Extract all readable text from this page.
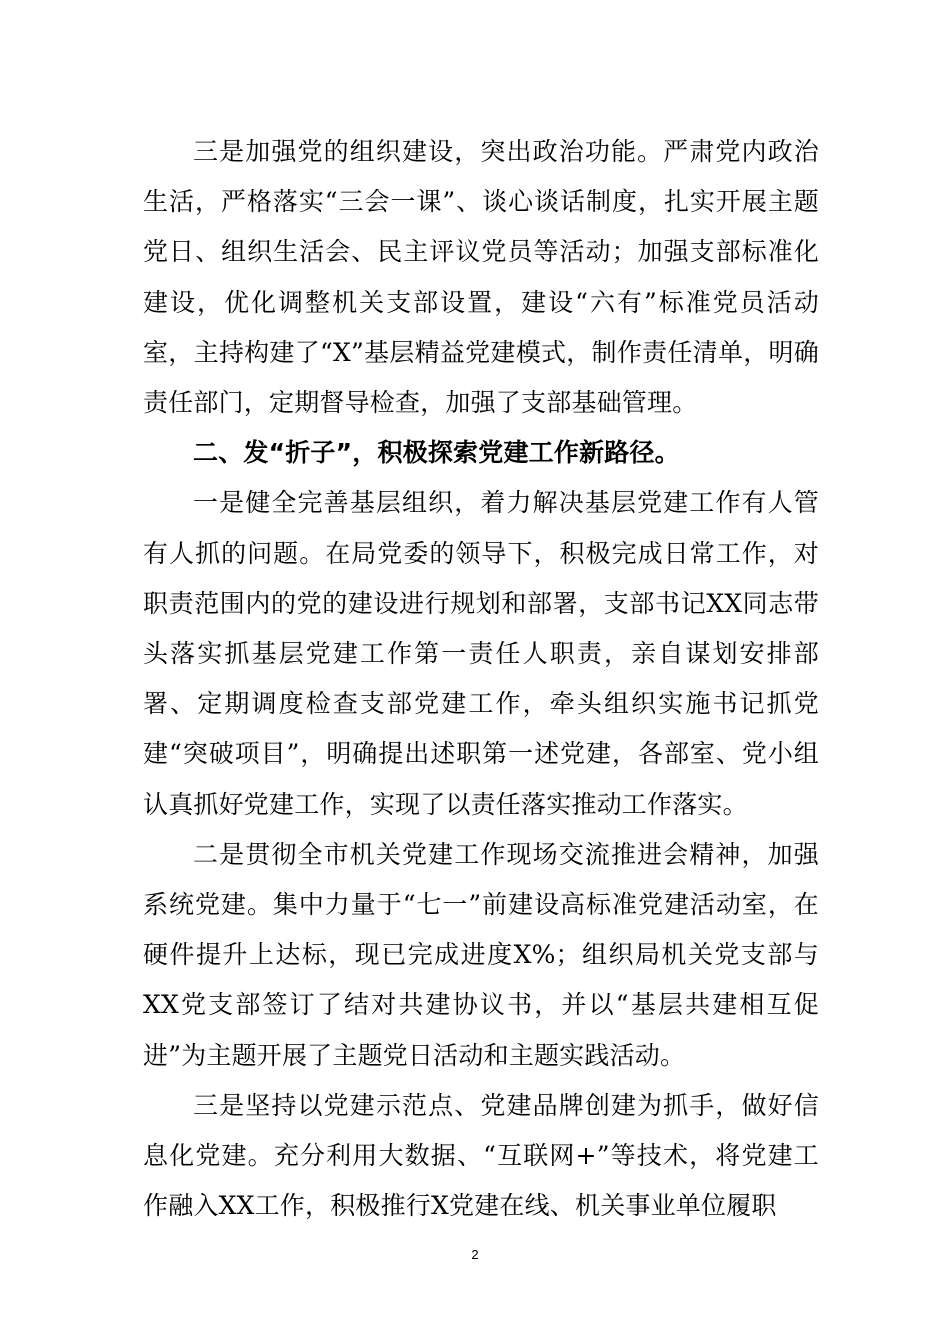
三是加强党的组织建设，突出政治功能。严肃党内政治生活，严格落实“三会一课”、谈心谈话制度，扎实开展主题党日、组织生活会、民主评议党员等活动；加强支部标准化建设，优化调整机关支部设置，建设“六有”标准党员活动室，主持构建了“X”基层精益党建模式，制作责任清单，明确责任部门，定期督导检查，加强了支部基础管理。

二、发“折子”，积极探索党建工作新路径。

一是健全完善基层组织，着力解决基层党建工作有人管有人抓的问题。在局党委的领导下，积极完成日常工作，对职责范围内的党的建设进行规划和部署，支部书记XX同志带头落实抓基层党建工作第一责任人职责，亲自谋划安排部署、定期调度检查支部党建工作，牵头组织实施书记抓党建“突破项目”，明确提出述职第一述党建，各部室、党小组认真抓好党建工作，实现了以责任落实推动工作落实。

二是贯彻全市机关党建工作现场交流推进会精神，加强系统党建。集中力量于“七一”前建设高标准党建活动室，在硬件提升上达标，现已完成进度X%；组织局机关党支部与XX党支部签订了结对共建协议书，并以“基层共建相互促进”为主题开展了主题党日活动和主题实践活动。

三是坚持以党建示范点、党建品牌创建为抓手，做好信息化党建。充分利用大数据、“互联网+”等技术，将党建工作融入XX工作，积极推行X党建在线、机关事业单位履职

2
